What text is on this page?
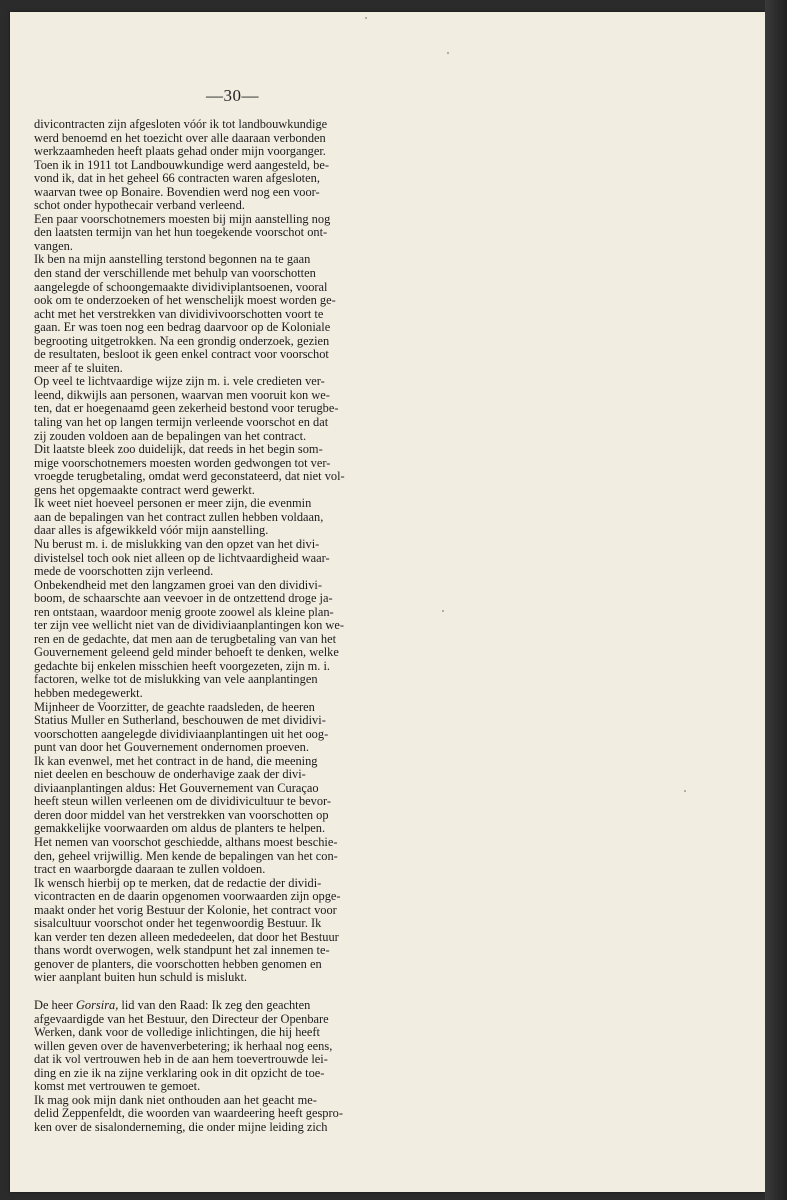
—30—
divicontracten zijn afgesloten vóór ik tot landbouwkundige
werd benoemd en het toezicht over alle daaraan verbonden
werkzaamheden heeft plaats gehad onder mijn voorganger.
Toen ik in 1911 tot Landbouwkundige werd aangesteld, be-
vond ik, dat in het geheel 66 contracten waren afgesloten,
waarvan twee op Bonaire. Bovendien werd nog een voor-
schot onder hypothecair verband verleend.
Een paar voorschotnemers moesten bij mijn aanstelling nog
den laatsten termijn van het hun toegekende voorschot ont-
vangen.
Ik ben na mijn aanstelling terstond begonnen na te gaan
den stand der verschillende met behulp van voorschotten
aangelegde of schoongemaakte dividiviplantsoenen, vooral
ook om te onderzoeken of het wenschelijk moest worden ge-
acht met het verstrekken van dividivivoorschotten voort te
gaan. Er was toen nog een bedrag daarvoor op de Koloniale
begrooting uitgetrokken. Na een grondig onderzoek, gezien
de resultaten, besloot ik geen enkel contract voor voorschot
meer af te sluiten.
Op veel te lichtvaardige wijze zijn m. i. vele credieten ver-
leend, dikwijls aan personen, waarvan men vooruit kon we-
ten, dat er hoegenaamd geen zekerheid bestond voor terugbe-
taling van het op langen termijn verleende voorschot en dat
zij zouden voldoen aan de bepalingen van het contract.
Dit laatste bleek zoo duidelijk, dat reeds in het begin som-
mige voorschotnemers moesten worden gedwongen tot ver-
vroegde terugbetaling, omdat werd geconstateerd, dat niet vol-
gens het opgemaakte contract werd gewerkt.
Ik weet niet hoeveel personen er meer zijn, die evenmin
aan de bepalingen van het contract zullen hebben voldaan,
daar alles is afgewikkeld vóór mijn aanstelling.
Nu berust m. i. de mislukking van den opzet van het divi-
divistelsel toch ook niet alleen op de lichtvaardigheid waar-
mede de voorschotten zijn verleend.
Onbekendheid met den langzamen groei van den dividivi-
boom, de schaarschte aan veevoer in de ontzettend droge ja-
ren ontstaan, waardoor menig groote zoowel als kleine plan-
ter zijn vee wellicht niet van de dividiviaanplantingen kon we-
ren en de gedachte, dat men aan de terugbetaling van van het
Gouvernement geleend geld minder behoeft te denken, welke
gedachte bij enkelen misschien heeft voorgezeten, zijn m. i.
factoren, welke tot de mislukking van vele aanplantingen
hebben medegewerkt.
Mijnheer de Voorzitter, de geachte raadsleden, de heeren
Statius Muller en Sutherland, beschouwen de met dividivi-
voorschotten aangelegde dividiviaanplantingen uit het oog-
punt van door het Gouvernement ondernomen proeven.
Ik kan evenwel, met het contract in de hand, die meening
niet deelen en beschouw de onderhavige zaak der divi-
diviaanplantingen aldus: Het Gouvernement van Curaçao
heeft steun willen verleenen om de dividivicultuur te bevor-
deren door middel van het verstrekken van voorschotten op
gemakkelijke voorwaarden om aldus de planters te helpen.
Het nemen van voorschot geschiedde, althans moest beschie-
den, geheel vrijwillig. Men kende de bepalingen van het con-
tract en waarborgde daaraan te zullen voldoen.
Ik wensch hierbij op te merken, dat de redactie der dividi-
vicontracten en de daarin opgenomen voorwaarden zijn opge-
maakt onder het vorig Bestuur der Kolonie, het contract voor
sisalcultuur voorschot onder het tegenwoordig Bestuur. Ik
kan verder ten dezen alleen mededeelen, dat door het Bestuur
thans wordt overwogen, welk standpunt het zal innemen te-
genover de planters, die voorschotten hebben genomen en
wier aanplant buiten hun schuld is mislukt.
De heer Gorsira, lid van den Raad: Ik zeg den geachten
afgevaardigde van het Bestuur, den Directeur der Openbare
Werken, dank voor de volledige inlichtingen, die hij heeft
willen geven over de havenverbetering; ik herhaal nog eens,
dat ik vol vertrouwen heb in de aan hem toevertrouwde lei-
ding en zie ik na zijne verklaring ook in dit opzicht de toe-
komst met vertrouwen te gemoet.
Ik mag ook mijn dank niet onthouden aan het geacht me-
delid Zeppenfeldt, die woorden van waardeering heeft gespro-
ken over de sisalonderneming, die onder mijne leiding zich
